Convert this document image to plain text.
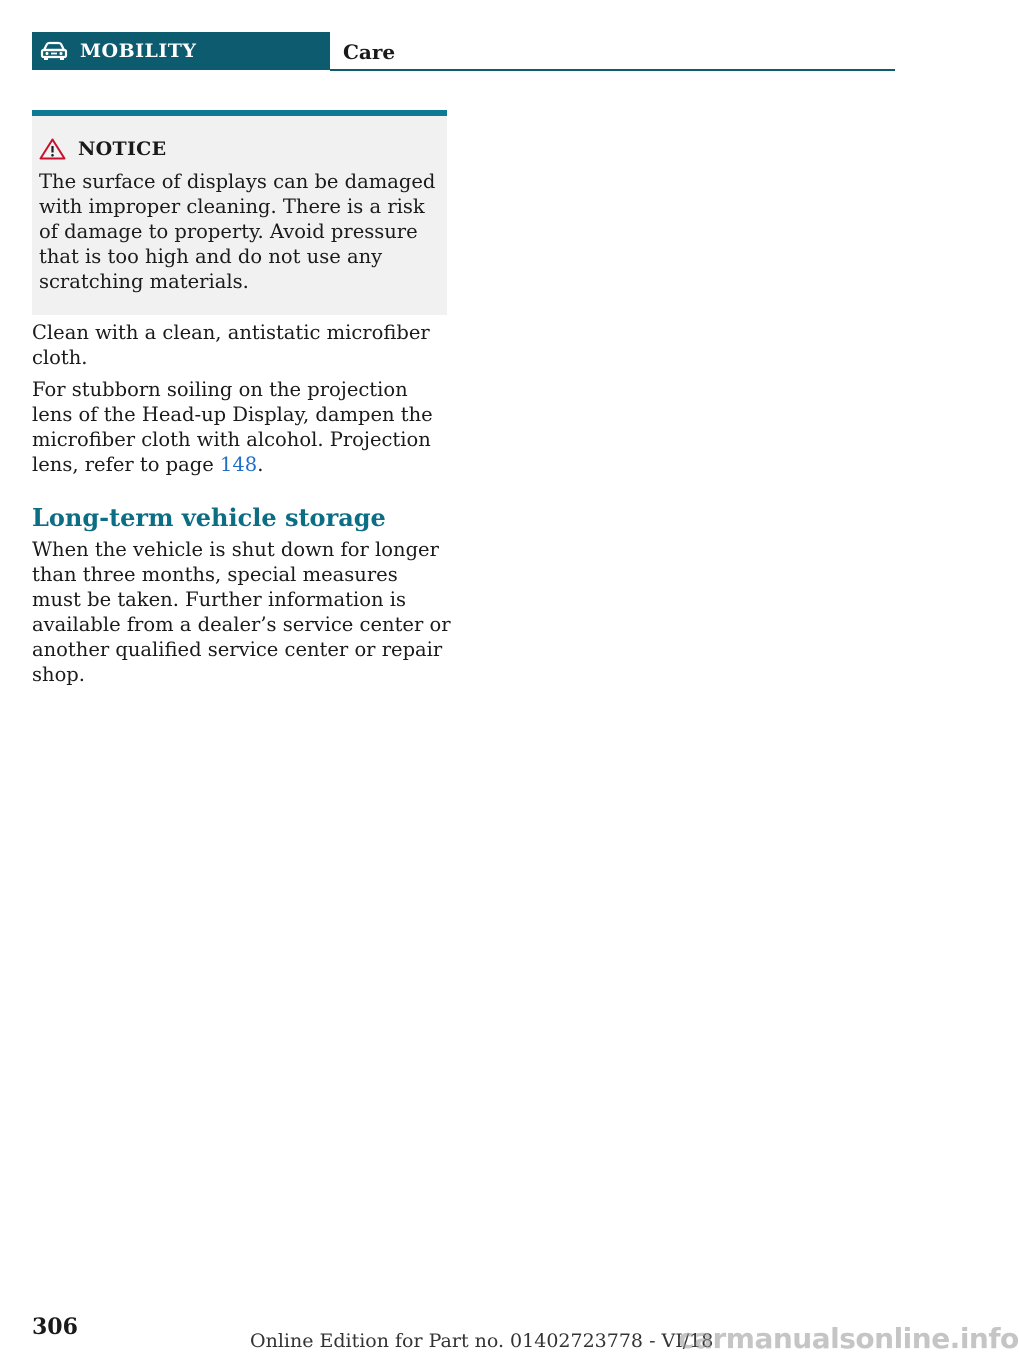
MOBILITY	Care
NOTICE
The surface of displays can be damaged with improper cleaning. There is a risk of damage to property. Avoid pressure that is too high and do not use any scratching materials.

Clean with a clean, antistatic microfiber cloth.

For stubborn soiling on the projection lens of the Head-up Display, dampen the microfiber cloth with alcohol. Projection lens, refer to page 148.

Long-term vehicle storage

When the vehicle is shut down for longer than three months, special measures must be taken. Further information is available from a dealer’s service center or another qualified service center or repair shop.

306
Online Edition for Part no. 01402723778 - VI/18
carmanualsonline.info
